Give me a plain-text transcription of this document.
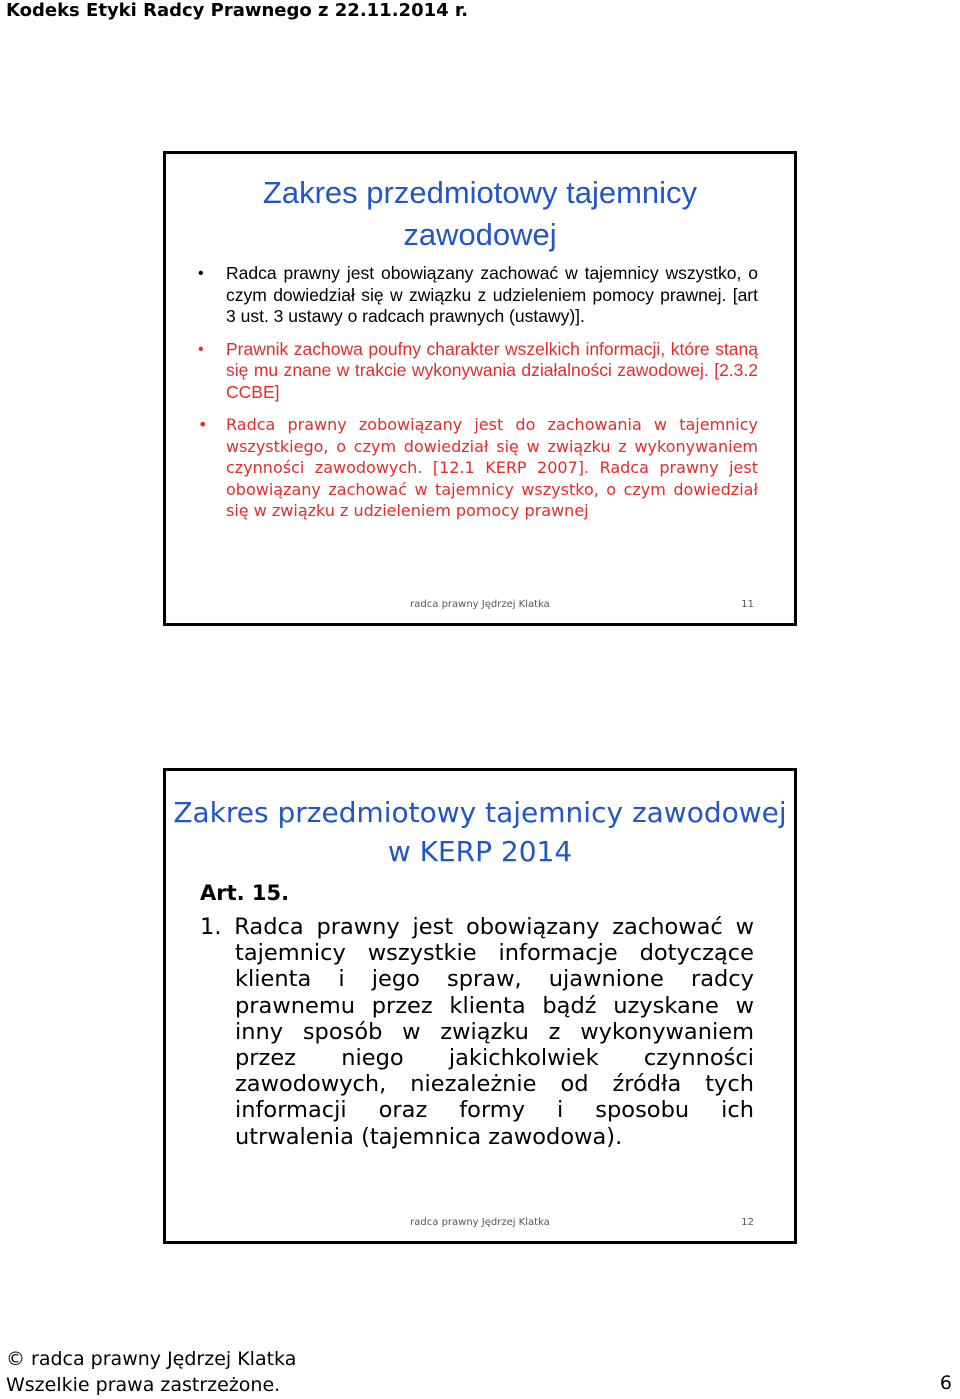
Kodeks Etyki Radcy Prawnego z 22.11.2014 r.
Zakres przedmiotowy tajemnicy
zawodowej
• Radca prawny jest obowiązany zachować w tajemnicy wszystko, o czym dowiedział się w związku z udzieleniem pomocy prawnej. [art 3 ust. 3 ustawy o radcach prawnych (ustawy)].
• Prawnik zachowa poufny charakter wszelkich informacji, które staną się mu znane w trakcie wykonywania działalności zawodowej. [2.3.2 CCBE]
• Radca prawny zobowiązany jest do zachowania w tajemnicy wszystkiego, o czym dowiedział się w związku z wykonywaniem czynności zawodowych. [12.1 KERP 2007]. Radca prawny jest obowiązany zachować w tajemnicy wszystko, o czym dowiedział się w związku z udzieleniem pomocy prawnej
radca prawny Jędrzej Klatka	11
Zakres przedmiotowy tajemnicy zawodowej
w KERP 2014
Art. 15.
1. Radca prawny jest obowiązany zachować w tajemnicy wszystkie informacje dotyczące klienta i jego spraw, ujawnione radcy prawnemu przez klienta bądź uzyskane w inny sposób w związku z wykonywaniem przez niego jakichkolwiek czynności zawodowych, niezależnie od źródła tych informacji oraz formy i sposobu ich utrwalenia (tajemnica zawodowa).
radca prawny Jędrzej Klatka	12
© radca prawny Jędrzej Klatka
Wszelkie prawa zastrzeżone.	6
